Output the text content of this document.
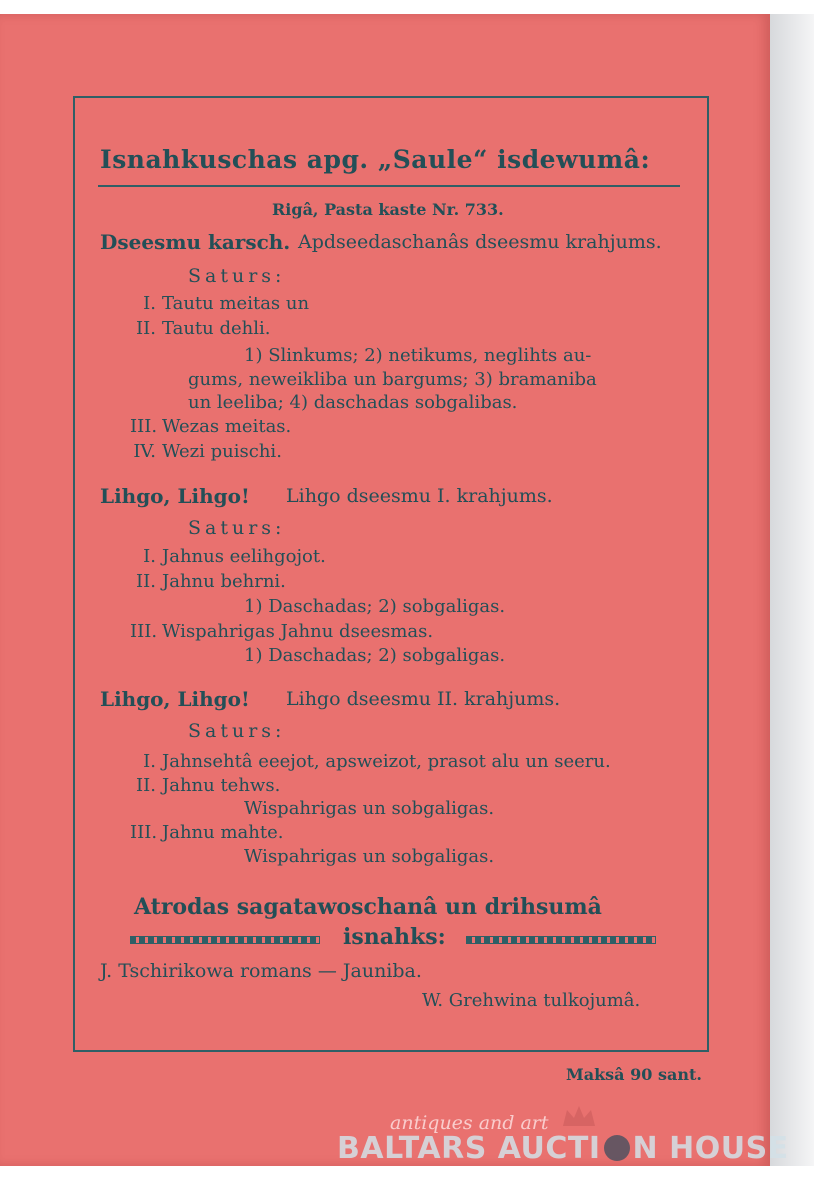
Isnahkuschas apg. „Saule“ isdewumâ:
Rigâ, Pasta kaste Nr. 733.
Dseesmu karsch. Apdseedaschanâs dseesmu krahjums.
Saturs:
I. Tautu meitas un
II. Tautu dehli.
1) Slinkums; 2) netikums, neglihts au-
gums, neweikliba un bargums; 3) bramaniba
un leeliba; 4) daschadas sobgalibas.
III. Wezas meitas.
IV. Wezi puischi.
Lihgo, Lihgo! Lihgo dseesmu I. krahjums.
Saturs:
I. Jahnus eelihgojot.
II. Jahnu behrni.
1) Daschadas; 2) sobgaligas.
III. Wispahrigas Jahnu dseesmas.
1) Daschadas; 2) sobgaligas.
Lihgo, Lihgo! Lihgo dseesmu II. krahjums.
Saturs:
I. Jahnsehtâ eeejot, apsweizot, prasot alu un seeru.
II. Jahnu tehws.
Wispahrigas un sobgaligas.
III. Jahnu mahte.
Wispahrigas un sobgaligas.
Atrodas sagatawoschanâ un drihsumâ
isnahks:
J. Tschirikowa romans — Jauniba.
W. Grehwina tulkojumâ.
Maksâ 90 sant.
antiques and art
BALTARS AUCTI N HOUSE
